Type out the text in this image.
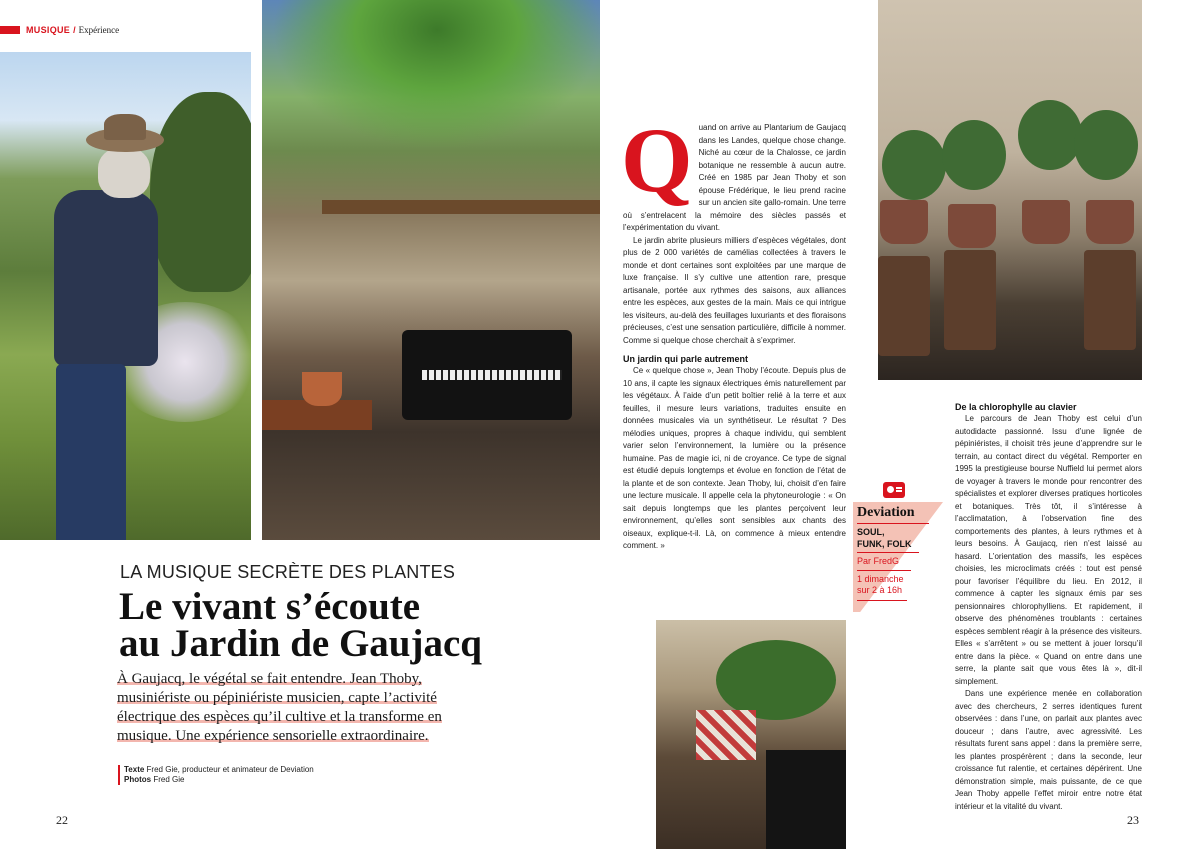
MUSIQUE / Expérience
LA MUSIQUE SECRÈTE DES PLANTES
Le vivant s’écoute
au Jardin de Gaujacq
À Gaujacq, le végétal se fait entendre. Jean Thoby, musiniériste ou pépiniériste musicien, capte l’activité électrique des espèces qu’il cultive et la transforme en musique. Une expérience sensorielle extraordinaire.
Texte Fred Gie, producteur et animateur de Deviation
Photos Fred Gie
22	23
Q uand on arrive au Plantarium de Gaujacq dans les Landes, quelque chose change. Niché au cœur de la Chalosse, ce jardin botanique ne ressemble à aucun autre. Créé en 1985 par Jean Thoby et son épouse Frédérique, le lieu prend racine sur un ancien site gallo-romain. Une terre où s’entrelacent la mémoire des siècles passés et l’expérimentation du vivant.

Le jardin abrite plusieurs milliers d’espèces végétales, dont plus de 2 000 variétés de camélias collectées à travers le monde et dont certaines sont exploitées par une marque de luxe française. Il s’y cultive une attention rare, presque artisanale, portée aux rythmes des saisons, aux alliances entre les espèces, aux gestes de la main. Mais ce qui intrigue les visiteurs, au-delà des feuillages luxuriants et des floraisons précieuses, c’est une sensation particulière, difficile à nommer. Comme si quelque chose cherchait à s’exprimer.

Un jardin qui parle autrement

Ce « quelque chose », Jean Thoby l’écoute. Depuis plus de 10 ans, il capte les signaux électriques émis naturellement par les végétaux. À l’aide d’un petit boîtier relié à la terre et aux feuilles, il mesure leurs variations, traduites ensuite en données musicales via un synthétiseur. Le résultat ? Des mélodies uniques, propres à chaque individu, qui semblent varier selon l’environnement, la lumière ou la présence humaine. Pas de magie ici, ni de croyance. Ce type de signal est étudié depuis longtemps et évolue en fonction de l’état de la plante et de son contexte. Jean Thoby, lui, choisit d’en faire une lecture musicale. Il appelle cela la phytoneurologie : « On sait depuis longtemps que les plantes perçoivent leur environnement, qu’elles sont sensibles aux chants des oiseaux, explique-t-il. Là, on commence à mieux entendre comment. »

Deviation
SOUL,
FUNK, FOLK
Par FredG
1 dimanche
sur 2 à 16h
De la chlorophylle au clavier

Le parcours de Jean Thoby est celui d’un autodidacte passionné. Issu d’une lignée de pépiniéristes, il choisit très jeune d’apprendre sur le terrain, au contact direct du végétal. Remporter en 1995 la prestigieuse bourse Nuffield lui permet alors de voyager à travers le monde pour rencontrer des spécialistes et explorer diverses pratiques horticoles et botaniques. Très tôt, il s’intéresse à l’acclimatation, à l’observation fine des comportements des plantes, à leurs rythmes et à leurs besoins. À Gaujacq, rien n’est laissé au hasard. L’orientation des massifs, les espèces choisies, les microclimats créés : tout est pensé pour favoriser l’équilibre du lieu. En 2012, il commence à capter les signaux émis par ses pensionnaires chlorophylliens. Et rapidement, il observe des phénomènes troublants : certaines espèces semblent réagir à la présence des visiteurs. Elles « s’arrêtent » ou se mettent à jouer lorsqu’il entre dans la pièce. « Quand on entre dans une serre, la plante sait que vous êtes là », dit-il simplement.

Dans une expérience menée en collaboration avec des chercheurs, 2 serres identiques furent observées : dans l’une, on parlait aux plantes avec douceur ; dans l’autre, avec agressivité. Les résultats furent sans appel : dans la première serre, les plantes prospérèrent ; dans la seconde, leur croissance fut ralentie, et certaines dépérirent. Une démonstration simple, mais puissante, de ce que Jean Thoby appelle l’effet miroir entre notre état intérieur et la vitalité du vivant.
